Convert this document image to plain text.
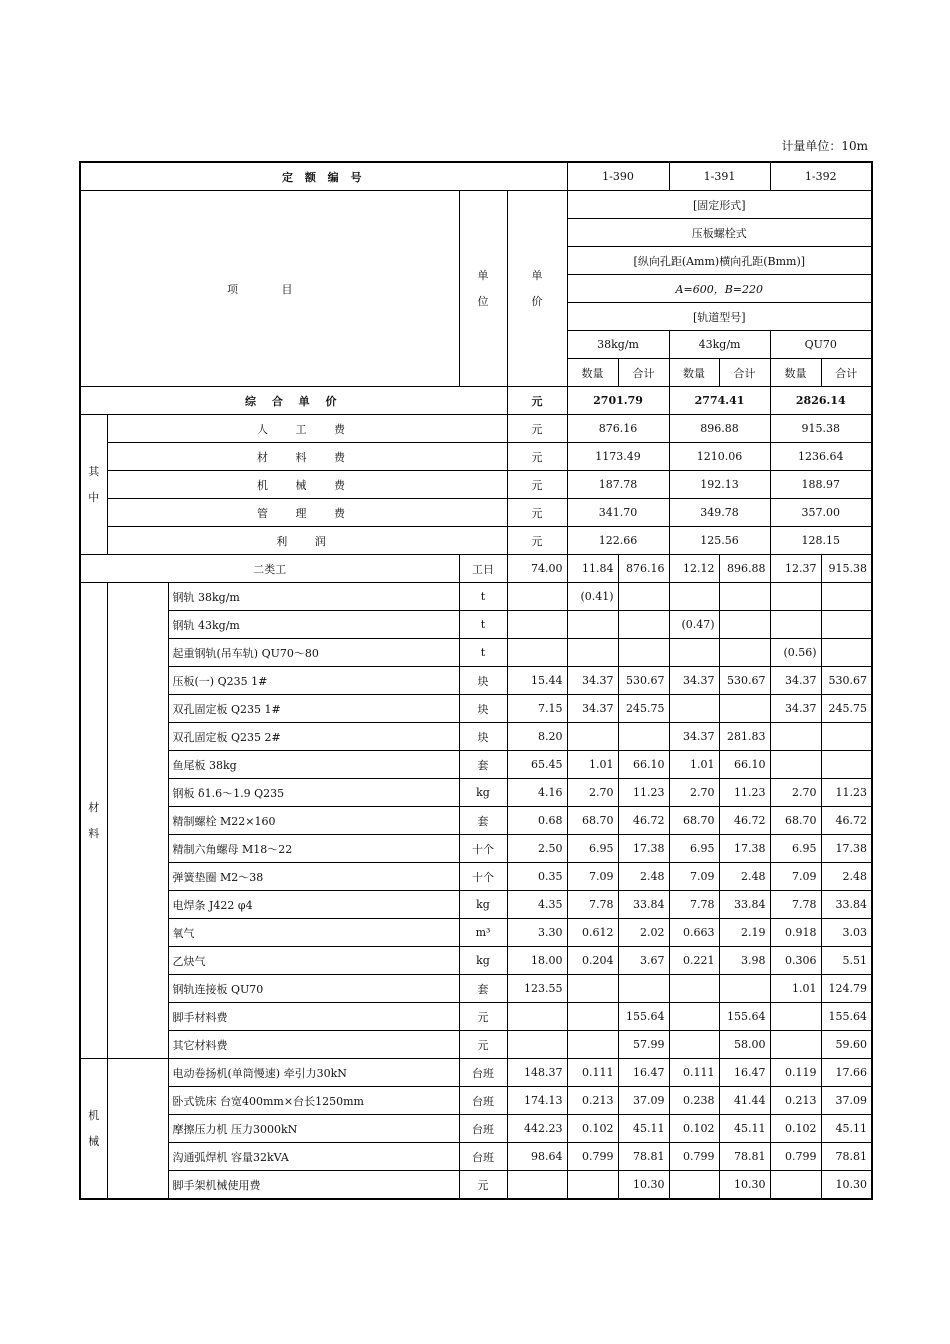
计量单位：10m
定 额 编 号					1-390		1-391		1-392	
项 目			单
位	单
价	[固定形式]					
					压板螺栓式					
					[纵向孔距(Amm)横向孔距(Bmm)]					
					A=600，B=220					
					[轨道型号]					
					38kg/m		43kg/m		QU70	
					数量	合计	数量	合计	数量	合计
综 合 单 价				元	2701.79		2774.41		2826.14	

其
中	人 工 费			元	876.16		896.88		915.38	
	材 料 费			元	1173.49		1210.06		1236.64	
	机 械 费			元	187.78		192.13		188.97	
	管 理 费			元	341.70		349.78		357.00	
	利 润			元	122.66		125.56		128.15	
二类工			工日	74.00	11.84	876.16	12.12	896.88	12.37	915.38

材
料		钢轨 38kg/m	t		(0.41)					
		钢轨 43kg/m	t				(0.47)			
		起重钢轨(吊车轨) QU70～80	t						(0.56)	
		压板(一) Q235 1#	块	15.44	34.37	530.67	34.37	530.67	34.37	530.67
		双孔固定板 Q235 1#	块	7.15	34.37	245.75			34.37	245.75
		双孔固定板 Q235 2#	块	8.20			34.37	281.83		
		鱼尾板 38kg	套	65.45	1.01	66.10	1.01	66.10		
		钢板 δ1.6～1.9 Q235	kg	4.16	2.70	11.23	2.70	11.23	2.70	11.23
		精制螺栓 M22×160	套	0.68	68.70	46.72	68.70	46.72	68.70	46.72
		精制六角螺母 M18～22	十个	2.50	6.95	17.38	6.95	17.38	6.95	17.38
		弹簧垫圈 M2～38	十个	0.35	7.09	2.48	7.09	2.48	7.09	2.48
		电焊条 J422 φ4	kg	4.35	7.78	33.84	7.78	33.84	7.78	33.84
		氧气	m³	3.30	0.612	2.02	0.663	2.19	0.918	3.03
		乙炔气	kg	18.00	0.204	3.67	0.221	3.98	0.306	5.51
		钢轨连接板 QU70	套	123.55					1.01	124.79
		脚手材料费	元			155.64		155.64		155.64
		其它材料费	元			57.99		58.00		59.60

机
械		电动卷扬机(单筒慢速) 牵引力30kN	台班	148.37	0.111	16.47	0.111	16.47	0.119	17.66
		卧式铣床 台宽400mm×台长1250mm	台班	174.13	0.213	37.09	0.238	41.44	0.213	37.09
		摩擦压力机 压力3000kN	台班	442.23	0.102	45.11	0.102	45.11	0.102	45.11
		沟通弧焊机 容量32kVA	台班	98.64	0.799	78.81	0.799	78.81	0.799	78.81
		脚手架机械使用费	元			10.30		10.30		10.30
